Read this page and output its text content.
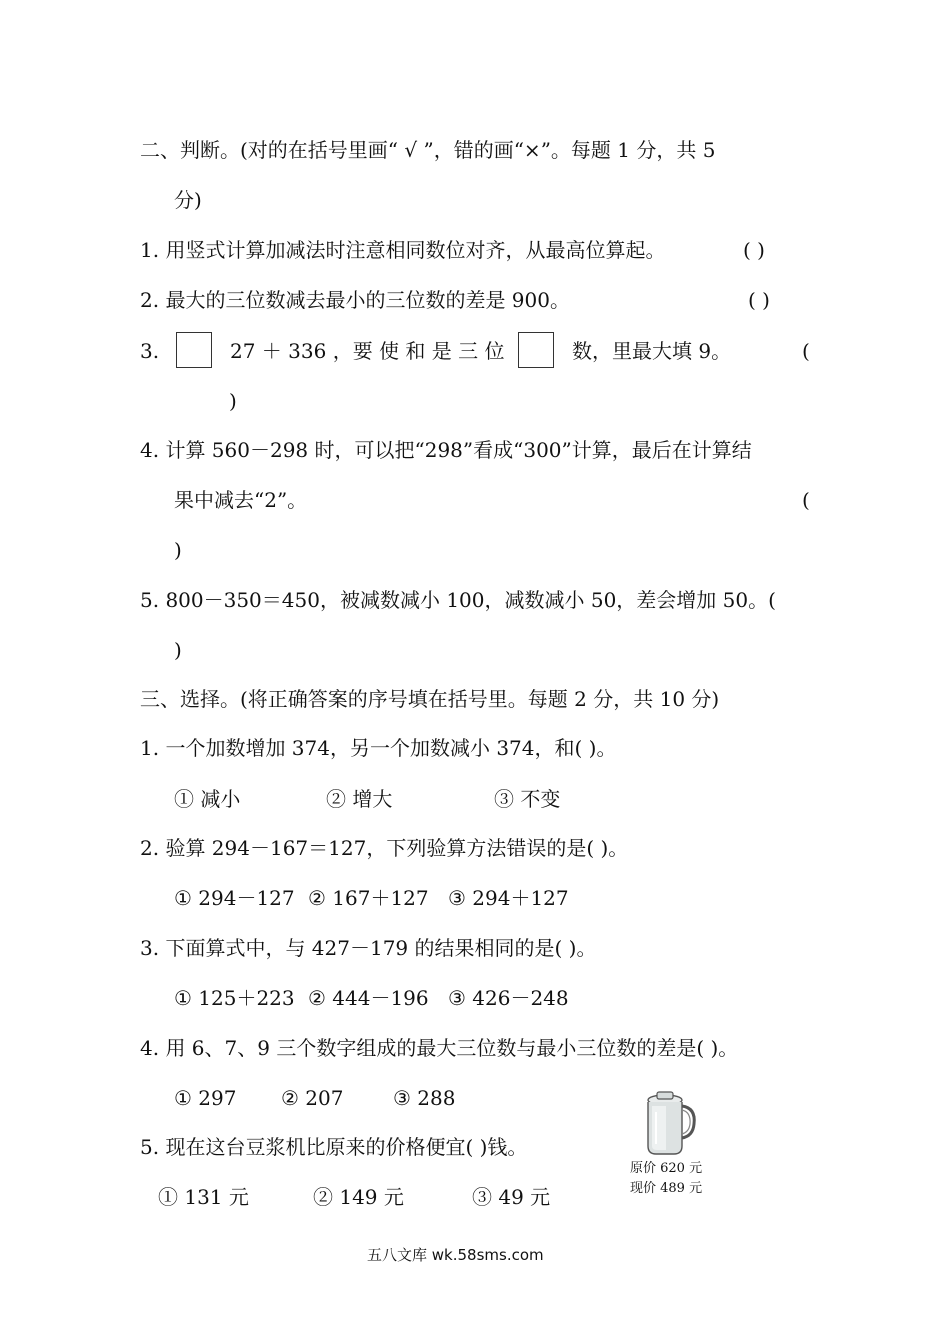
二、判断。(对的在括号里画“ √ ”，错的画“×”。每题 1 分，共 5
分)
1. 用竖式计算加减法时注意相同数位对齐，从最高位算起。	( )
2. 最大的三位数减去最小的三位数的差是 900。	( )
3.	27 ＋ 336 ，要 使 和 是 三 位	数，里最大填 9。	(
)
4. 计算 560－298 时，可以把“298”看成“300”计算，最后在计算结
果中减去“2”。	(
)
5. 800－350＝450，被减数减小 100，减数减小 50，差会增加 50。(
)
三、选择。(将正确答案的序号填在括号里。每题 2 分，共 10 分)
1. 一个加数增加 374，另一个加数减小 374，和( )。
① 减小	② 增大	③ 不变
2. 验算 294－167＝127，下列验算方法错误的是( )。
① 294－127 ② 167＋127 ③ 294＋127
3. 下面算式中，与 427－179 的结果相同的是( )。
① 125＋223 ② 444－196 ③ 426－248
4. 用 6、7、9 三个数字组成的最大三位数与最小三位数的差是( )。
① 297 ② 207 ③ 288
5. 现在这台豆浆机比原来的价格便宜( )钱。
① 131 元	② 149 元	③ 49 元
原价 620 元
现价 489 元
五八文库 wk.58sms.com
